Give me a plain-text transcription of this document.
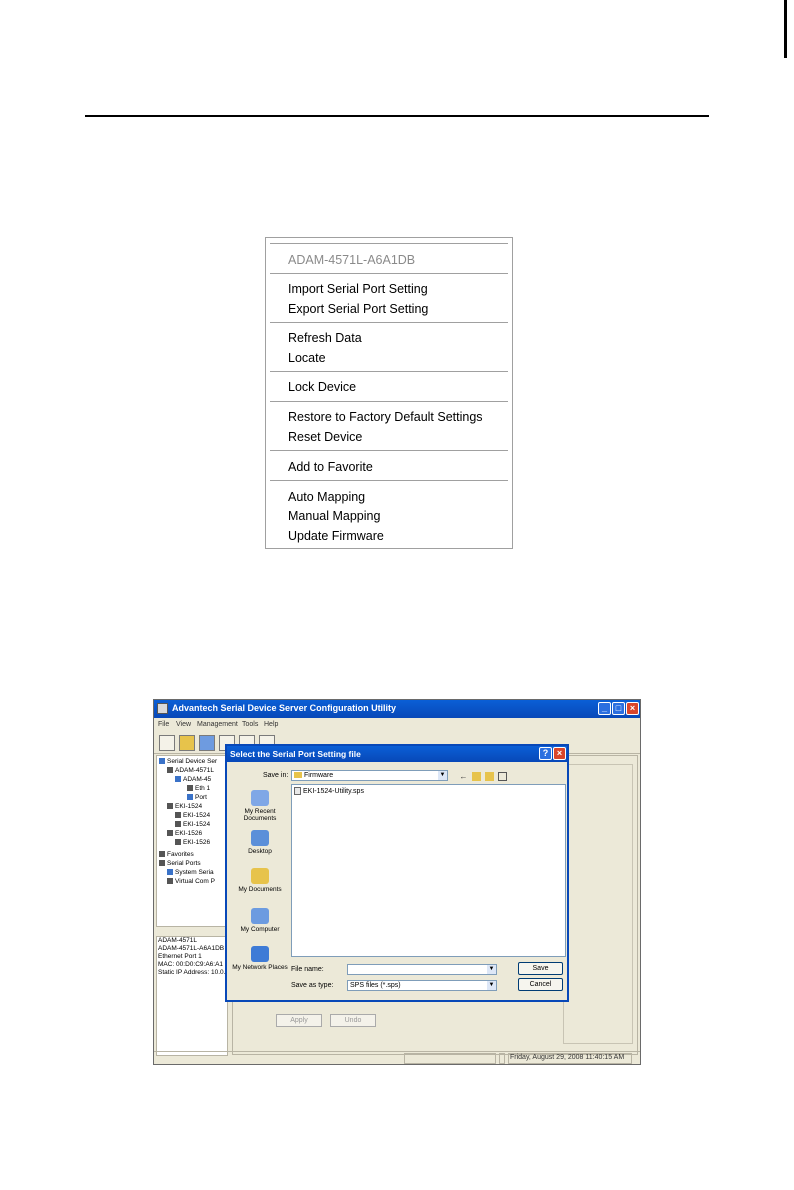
ADAM-4571L-A6A1DB
Import Serial Port Setting
Export Serial Port Setting
Refresh Data
Locate
Lock Device
Restore to Factory Default Settings
Reset Device
Add to Favorite
Auto Mapping
Manual Mapping
Update Firmware
Advantech Serial Device Server Configuration Utility	_ □ ×
File View Management Tools Help
Serial Device Ser
ADAM-4571L
ADAM-45
Eth 1
Port
EKI-1524
EKI-1524
EKI-1524
EKI-1526
EKI-1526
Favorites
Serial Ports
System Seria
Virtual Com P
ADAM-4571L
ADAM-4571L-A6A1DB
Ethernet Port 1
MAC: 00:D0:C9:A6:A1
Static IP Address: 10.0.
Apply	Undo
Friday, August 29, 2008 11:40:15 AM
Select the Serial Port Setting file	? ×
Save in:	Firmware	▼ ←
My Recent Documents
Desktop
My Documents
My Computer
My Network Places
EKI-1524-Utility.sps
File name:	▼
Save as type:	SPS files (*.sps)	▼
Save
Cancel
